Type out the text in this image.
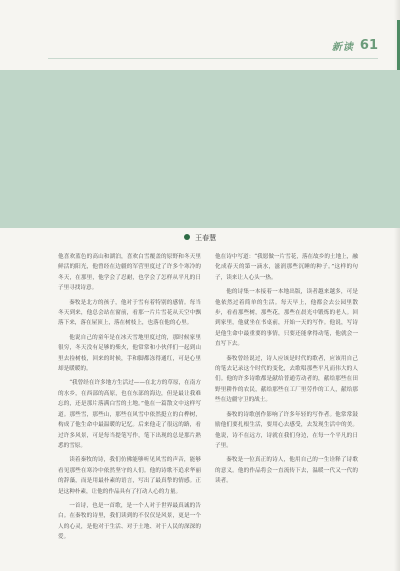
新读 61
王春慧

他喜欢蓝色的高山和湖泊，喜欢白雪覆盖的原野和冬天里鲜活的阳光，他曾经在边疆的军营里度过了许多个寒冷的冬天，在那里，他学会了忍耐，也学会了怎样从平凡的日子里寻找诗意。

秦牧是北方的孩子，他对于雪有着特别的感情。每当冬天到来，他总会站在窗前，看那一片片雪花从天空中飘落下来，落在屋顶上，落在树枝上，也落在他的心里。

他说自己的童年是在冰天雪地里度过的，那时候家里很穷，冬天没有足够的柴火，他常常和小伙伴们一起到山里去捡树枝，回来的时候，手和脚都冻得通红，可是心里却是暖暖的。

“我曾经在许多地方生活过——在北方的草原，在南方的水乡，在西部的高原，也在东部的海边，但是最让我难忘的，还是那片落满白雪的土地。”他在一篇散文中这样写道。那些雪，那些山，那些在风雪中依然挺立的白桦树，构成了他生命中最温暖的记忆。后来他走了很远的路，看过许多风景，可是每当提笔写作，笔下出现的总是那片熟悉的雪原。

读着秦牧的诗，我们仿佛能够听见风雪的声音，能够看见那些在寒冷中依然坚守的人们。他的诗歌不追求华丽的辞藻，而是用最朴素的语言，写出了最真挚的情感。正是这种朴素，让他的作品具有了打动人心的力量。

一首诗，也是一首歌，是一个人对于世界最真诚的告白。在秦牧的诗里，我们读到的不仅仅是风景，更是一个人的心灵，是他对于生活、对于土地、对于人民的深深的爱。

他在诗中写道：“我愿做一片雪花，落在故乡的土地上，融化成春天的第一滴水，滋润那些沉睡的种子。”这样的句子，读来让人心头一热。

他的诗集一本接着一本地出版，读者越来越多，可是他依然过着简单的生活。每天早上，他都会去公园里散步，看看那些树，那些花，那些在晨光中锻炼的老人。回到家里，他就坐在书桌前，开始一天的写作。他说，写诗是他生命中最重要的事情，只要还能拿得动笔，他就会一直写下去。

秦牧曾经说过，诗人应该是时代的歌者，应该用自己的笔去记录这个时代的变化，去歌唱那些平凡而伟大的人们。他的许多诗歌都是献给普通劳动者的，献给那些在田野里耕作的农民，献给那些在工厂里劳作的工人，献给那些在边疆守卫的战士。

秦牧的诗歌创作影响了许多年轻的写作者。他常常鼓励他们要扎根生活，要用心去感受，去发现生活中的美。他说，诗不在远方，诗就在我们身边，在每一个平凡的日子里。

秦牧是一位真正的诗人，他用自己的一生诠释了诗歌的意义。他的作品将会一直流传下去，温暖一代又一代的读者。
